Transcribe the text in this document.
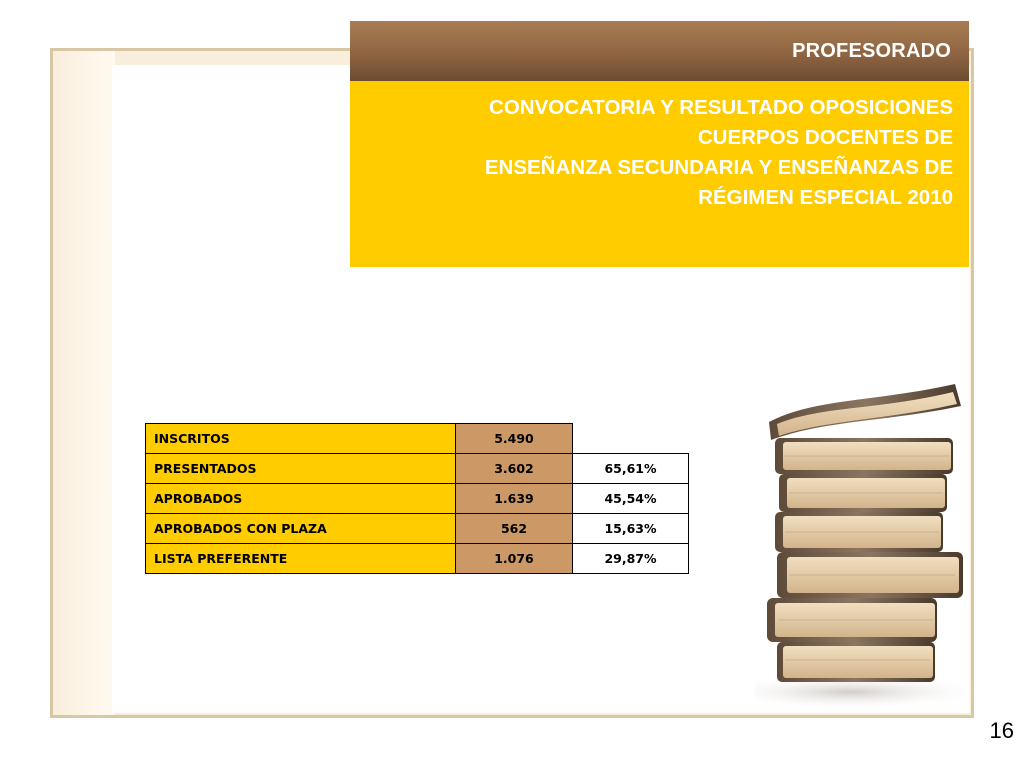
PROFESORADO
CONVOCATORIA Y RESULTADO OPOSICIONES
CUERPOS DOCENTES DE
ENSEÑANZA SECUNDARIA Y ENSEÑANZAS DE
RÉGIMEN ESPECIAL 2010
INSCRITOS	5.490	
PRESENTADOS	3.602	65,61%
APROBADOS	1.639	45,54%
APROBADOS CON PLAZA	562	15,63%
LISTA PREFERENTE	1.076	29,87%
16
